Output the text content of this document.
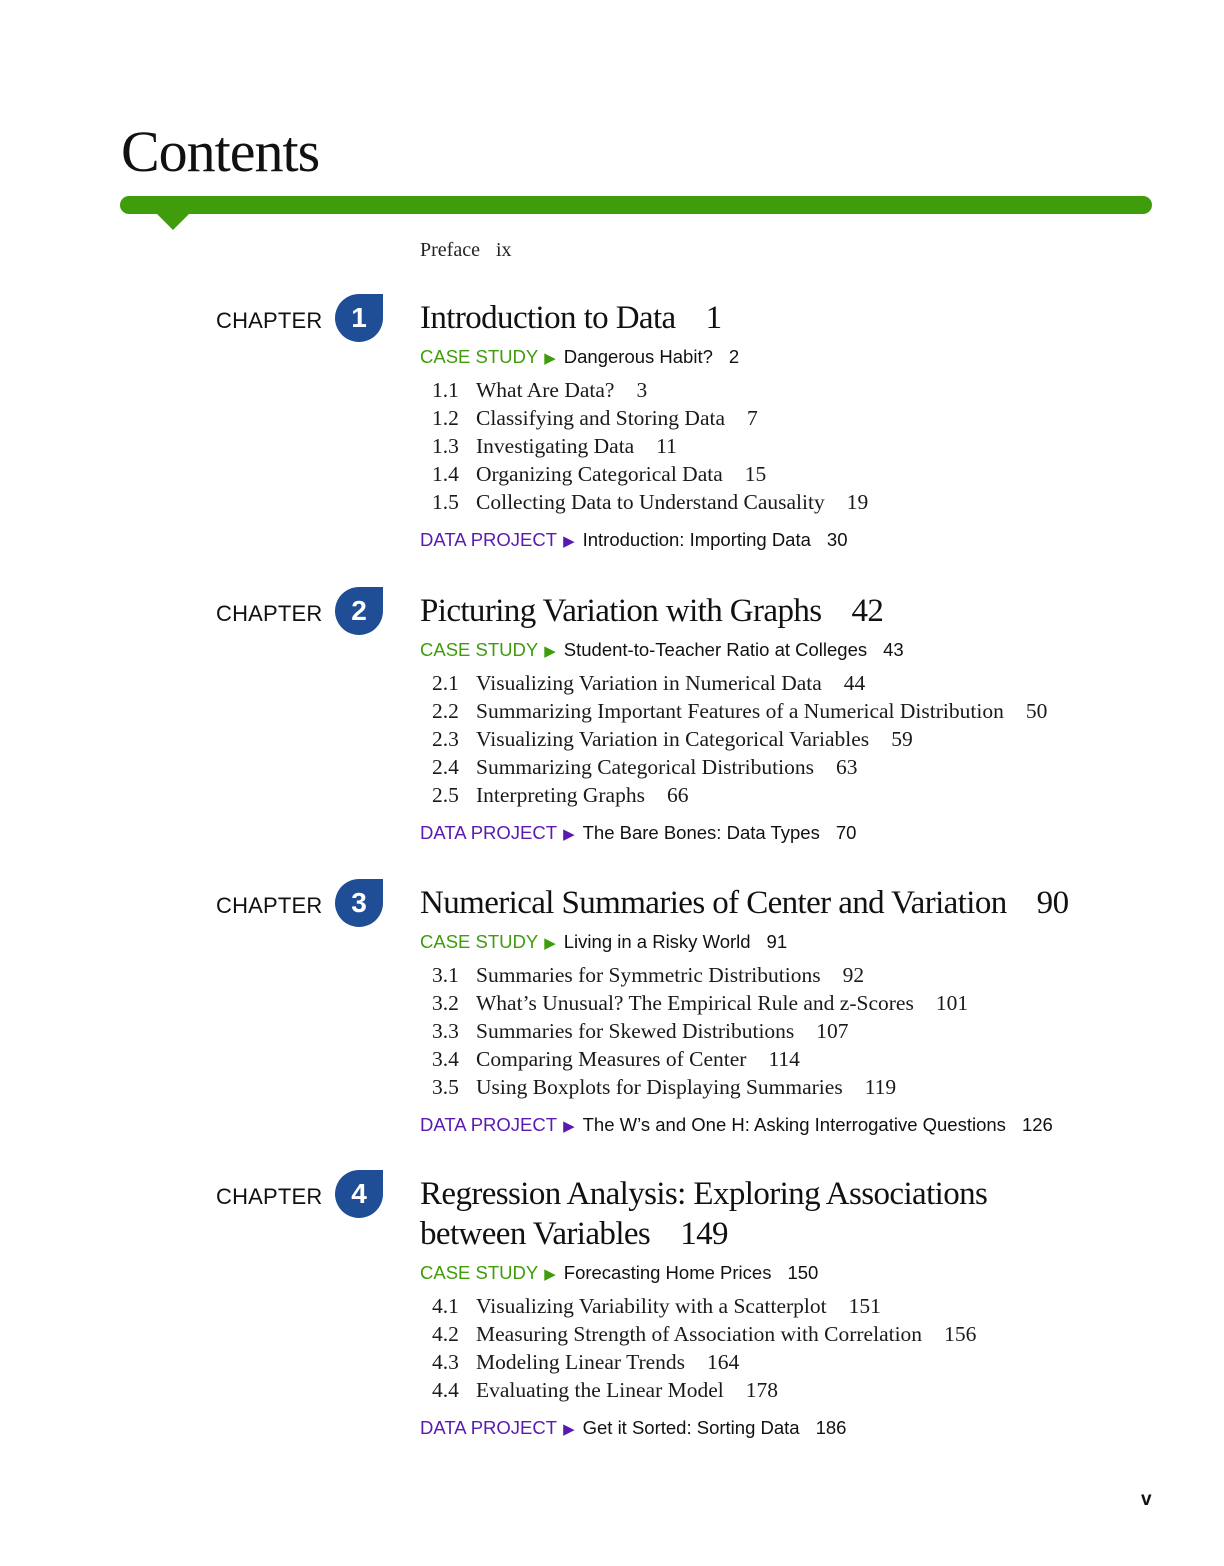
Contents
Preface ix
CHAPTER	1	Introduction to Data 1
CASE STUDY ▶ Dangerous Habit? 2
1.1 What Are Data? 3
1.2 Classifying and Storing Data 7
1.3 Investigating Data 11
1.4 Organizing Categorical Data 15
1.5 Collecting Data to Understand Causality 19
DATA PROJECT ▶ Introduction: Importing Data 30
CHAPTER	2	Picturing Variation with Graphs 42
CASE STUDY ▶ Student-to-Teacher Ratio at Colleges 43
2.1 Visualizing Variation in Numerical Data 44
2.2 Summarizing Important Features of a Numerical Distribution 50
2.3 Visualizing Variation in Categorical Variables 59
2.4 Summarizing Categorical Distributions 63
2.5 Interpreting Graphs 66
DATA PROJECT ▶ The Bare Bones: Data Types 70
CHAPTER	3	Numerical Summaries of Center and Variation 90
CASE STUDY ▶ Living in a Risky World 91
3.1 Summaries for Symmetric Distributions 92
3.2 What’s Unusual? The Empirical Rule and z-Scores 101
3.3 Summaries for Skewed Distributions 107
3.4 Comparing Measures of Center 114
3.5 Using Boxplots for Displaying Summaries 119
DATA PROJECT ▶ The W’s and One H: Asking Interrogative Questions 126
CHAPTER	4	Regression Analysis: Exploring Associations
between Variables 149
CASE STUDY ▶ Forecasting Home Prices 150
4.1 Visualizing Variability with a Scatterplot 151
4.2 Measuring Strength of Association with Correlation 156
4.3 Modeling Linear Trends 164
4.4 Evaluating the Linear Model 178
DATA PROJECT ▶ Get it Sorted: Sorting Data 186
v
